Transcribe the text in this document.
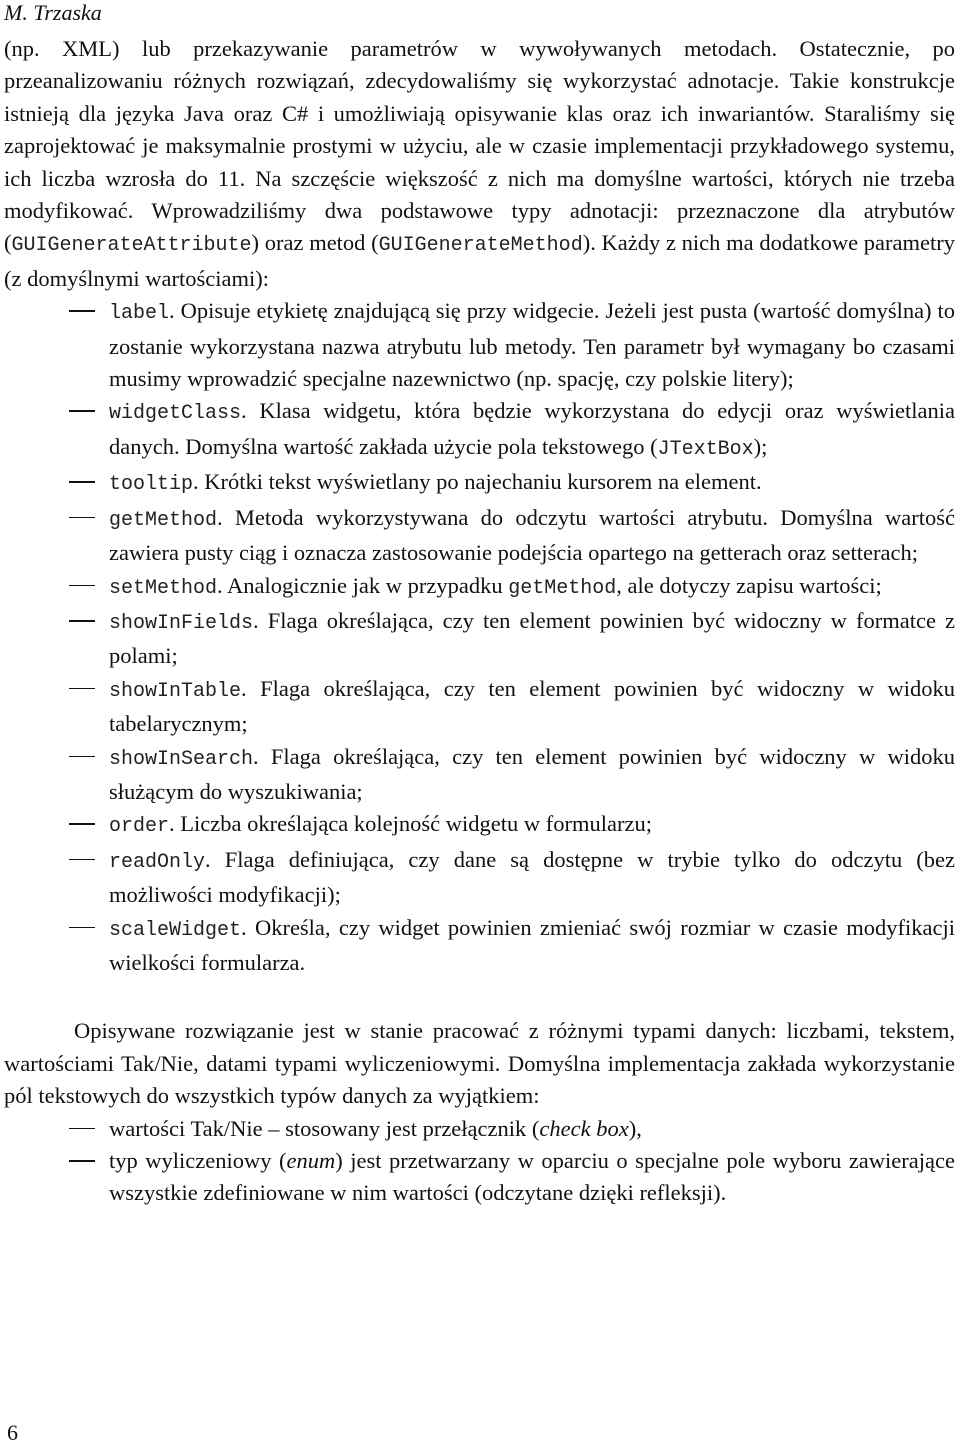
M. Trzaska

(np. XML) lub przekazywanie parametrów w wywoływanych metodach. Ostatecznie, po przeanalizowaniu różnych rozwiązań, zdecydowaliśmy się wykorzystać adnotacje. Takie konstrukcje istnieją dla języka Java oraz C# i umożliwiają opisywanie klas oraz ich inwariantów. Staraliśmy się zaprojektować je maksymalnie prostymi w użyciu, ale w czasie implementacji przykładowego systemu, ich liczba wzrosła do 11. Na szczęście większość z nich ma domyślne wartości, których nie trzeba modyfikować. Wprowadziliśmy dwa podstawowe typy adnotacji: przeznaczone dla atrybutów (GUIGenerateAttribute) oraz metod (GUIGenerateMethod). Każdy z nich ma dodatkowe parametry (z domyślnymi wartościami):

label. Opisuje etykietę znajdującą się przy widgecie. Jeżeli jest pusta (wartość domyślna) to zostanie wykorzystana nazwa atrybutu lub metody. Ten parametr był wymagany bo czasami musimy wprowadzić specjalne nazewnictwo (np. spację, czy polskie litery);
widgetClass. Klasa widgetu, która będzie wykorzystana do edycji oraz wyświetlania danych. Domyślna wartość zakłada użycie pola tekstowego (JTextBox);
tooltip. Krótki tekst wyświetlany po najechaniu kursorem na element.
getMethod. Metoda wykorzystywana do odczytu wartości atrybutu. Domyślna wartość zawiera pusty ciąg i oznacza zastosowanie podejścia opartego na getterach oraz setterach;
setMethod. Analogicznie jak w przypadku getMethod, ale dotyczy zapisu wartości;
showInFields. Flaga określająca, czy ten element powinien być widoczny w formatce z polami;
showInTable. Flaga określająca, czy ten element powinien być widoczny w widoku tabelarycznym;
showInSearch. Flaga określająca, czy ten element powinien być widoczny w widoku służącym do wyszukiwania;
order. Liczba określająca kolejność widgetu w formularzu;
readOnly. Flaga definiująca, czy dane są dostępne w trybie tylko do odczytu (bez możliwości modyfikacji);
scaleWidget. Określa, czy widget powinien zmieniać swój rozmiar w czasie modyfikacji wielkości formularza.

Opisywane rozwiązanie jest w stanie pracować z różnymi typami danych: liczbami, tekstem, wartościami Tak/Nie, datami typami wyliczeniowymi. Domyślna implementacja zakłada wykorzystanie pól tekstowych do wszystkich typów danych za wyjątkiem:

wartości Tak/Nie – stosowany jest przełącznik (check box),
typ wyliczeniowy (enum) jest przetwarzany w oparciu o specjalne pole wyboru zawierające wszystkie zdefiniowane w nim wartości (odczytane dzięki refleksji).
6
